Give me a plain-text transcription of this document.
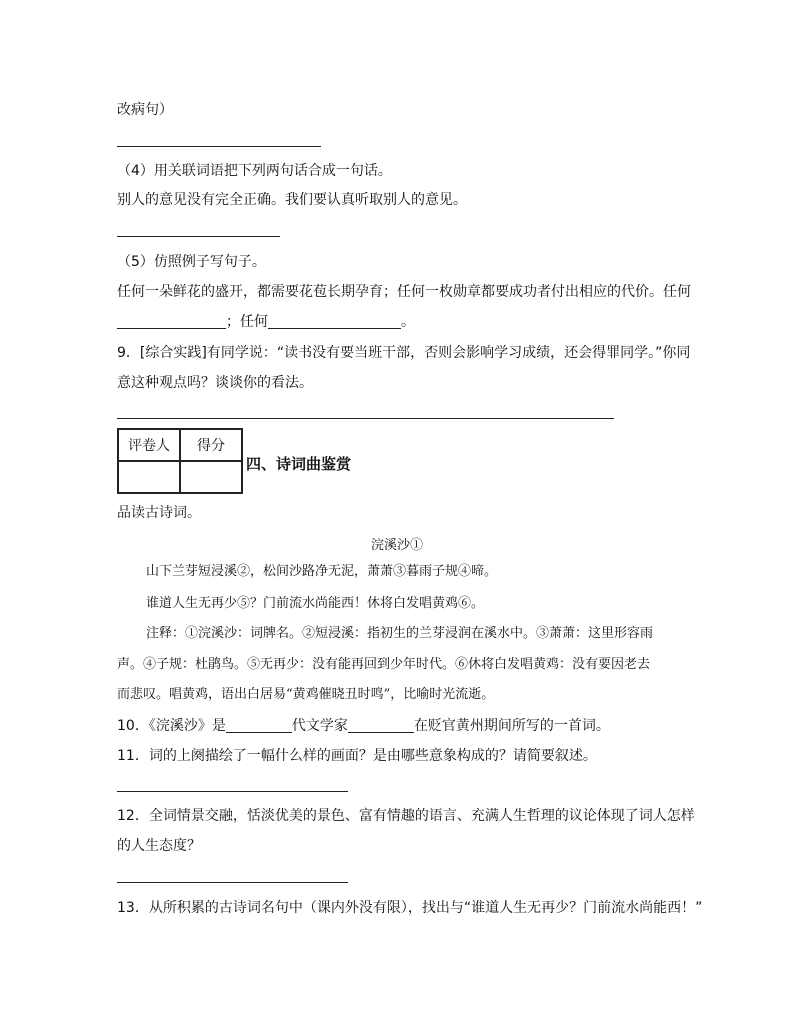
改病句）
（4）用关联词语把下列两句话合成一句话。
别人的意见没有完全正确。我们要认真听取别人的意见。
（5）仿照例子写句子。
任何一朵鲜花的盛开，都需要花苞长期孕育；任何一枚勋章都要成功者付出相应的代价。任何
；任何	。
9．[综合实践]有同学说：“读书没有要当班干部，否则会影响学习成绩，还会得罪同学。”你同
意这种观点吗？谈谈你的看法。
评卷人	得分

四、诗词曲鉴赏
品读古诗词。
浣溪沙①
山下兰芽短浸溪②，松间沙路净无泥，萧萧③暮雨子规④啼。
谁道人生无再少⑤？门前流水尚能西！休将白发唱黄鸡⑥。
注释：①浣溪沙：词牌名。②短浸溪：指初生的兰芽浸润在溪水中。③萧萧：这里形容雨
声。④子规：杜鹃鸟。⑤无再少：没有能再回到少年时代。⑥休将白发唱黄鸡：没有要因老去
而悲叹。唱黄鸡，语出白居易“黄鸡催晓丑时鸣”，比喻时光流逝。
10．《浣溪沙》是	代文学家	在贬官黄州期间所写的一首词。
11．词的上阕描绘了一幅什么样的画面？是由哪些意象构成的？请简要叙述。
12．全词情景交融，恬淡优美的景色、富有情趣的语言、充满人生哲理的议论体现了词人怎样
的人生态度？
13．从所积累的古诗词名句中（课内外没有限），找出与“谁道人生无再少？门前流水尚能西！”
